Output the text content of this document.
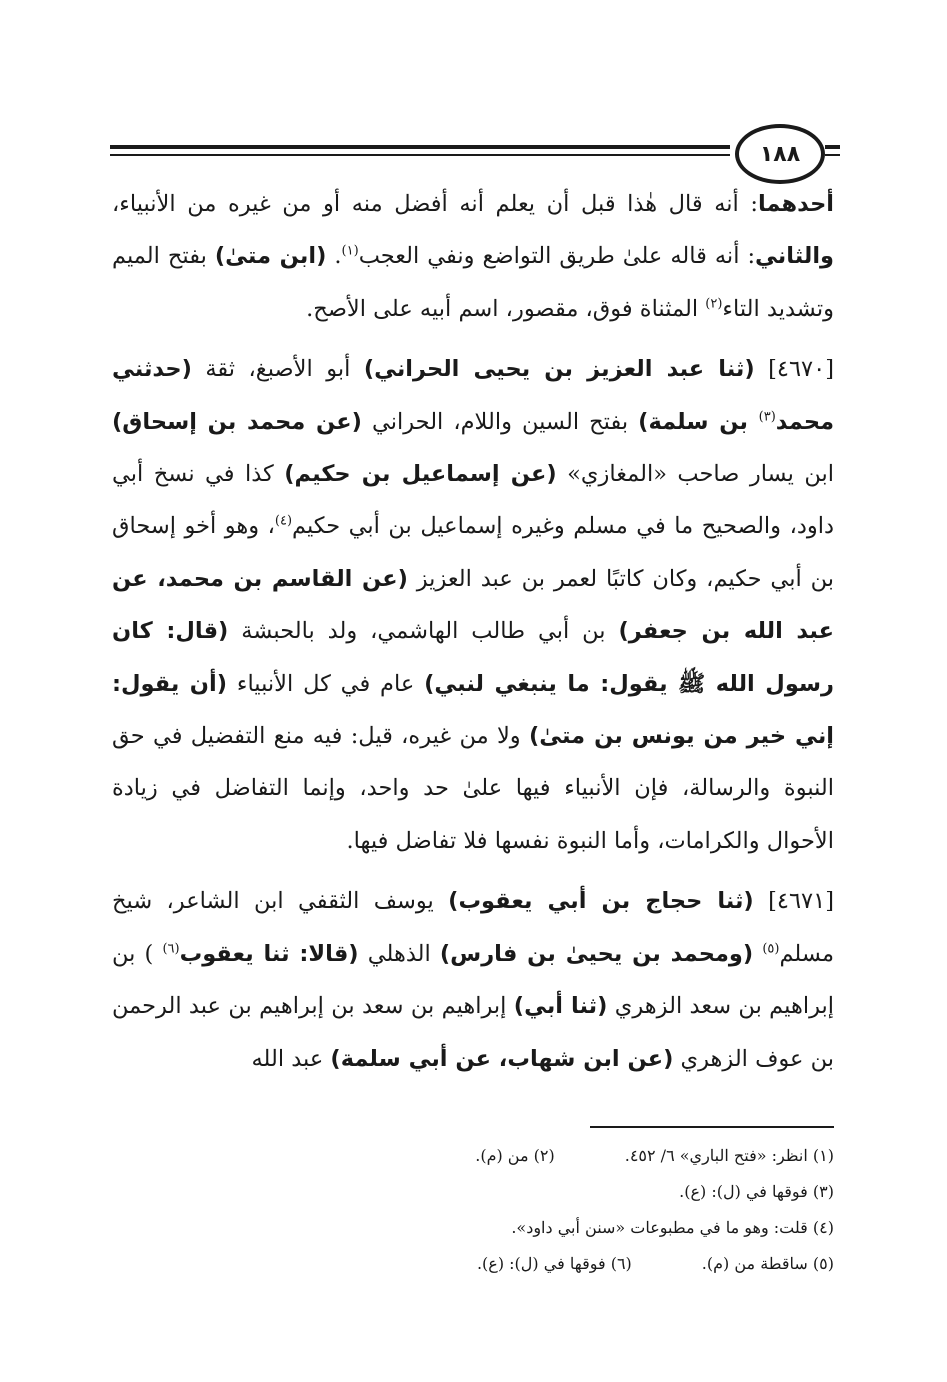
١٨٨

أحدهما: أنه قال هٰذا قبل أن يعلم أنه أفضل منه أو من غيره من الأنبياء، والثاني: أنه قاله علىٰ طريق التواضع ونفي العجب$^{(١)}$. (ابن متىٰ) بفتح الميم وتشديد التاء$^{(٢)}$ المثناة فوق، مقصور، اسم أبيه على الأصح.

[٤٦٧٠] (ثنا عبد العزيز بن يحيى الحراني) أبو الأصبغ، ثقة (حدثني محمد$^{(٣)}$ بن سلمة) بفتح السين واللام، الحراني (عن محمد بن إسحاق) ابن يسار صاحب «المغازي» (عن إسماعيل بن حكيم) كذا في نسخ أبي داود، والصحيح ما في مسلم وغيره إسماعيل بن أبي حكيم$^{(٤)}$، وهو أخو إسحاق بن أبي حكيم، وكان كاتبًا لعمر بن عبد العزيز (عن القاسم بن محمد، عن عبد الله بن جعفر) بن أبي طالب الهاشمي، ولد بالحبشة (قال: كان رسول الله ﷺ يقول: ما ينبغي لنبي) عام في كل الأنبياء (أن يقول: إني خير من يونس بن متىٰ) ولا من غيره، قيل: فيه منع التفضيل في حق النبوة والرسالة، فإن الأنبياء فيها علىٰ حد واحد، وإنما التفاضل في زيادة الأحوال والكرامات، وأما النبوة نفسها فلا تفاضل فيها.

[٤٦٧١] (ثنا حجاج بن أبي يعقوب) يوسف الثقفي ابن الشاعر، شيخ مسلم$^{(٥)}$ (ومحمد بن يحيىٰ بن فارس) الذهلي (قالا: ثنا يعقوب$^{(٦)}$ ) بن إبراهيم بن سعد الزهري (ثنا أبي) إبراهيم بن سعد بن إبراهيم بن عبد الرحمن بن عوف الزهري (عن ابن شهاب، عن أبي سلمة) عبد الله

(١) انظر: «فتح الباري» ٦/ ٤٥٢.
(٢) من (م).
(٣) فوقها في (ل): (ع).
(٤) قلت: وهو ما في مطبوعات «سنن أبي داود».
(٥) ساقطة من (م).
(٦) فوقها في (ل): (ع).
